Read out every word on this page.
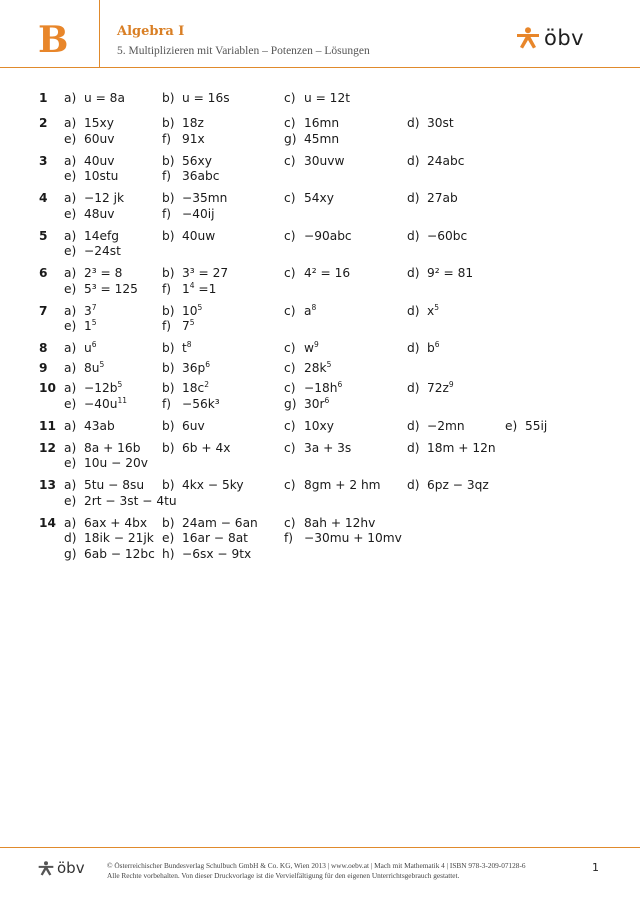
B	Algebra I
5. Multiplizieren mit Variablen – Potenzen – Lösungen
öbv
1 a) u = 8a	b) u = 16s	c) u = 12t
2 a) 15xy	b) 18z	c) 16mn	d) 30st
e) 60uv	f) 91x	g) 45mn
3 a) 40uv	b) 56xy	c) 30uvw	d) 24abc
e) 10stu	f) 36abc
4 a) −12 jk	b) −35mn	c) 54xy	d) 27ab
e) 48uv	f) −40ij
5 a) 14efg	b) 40uw	c) −90abc	d) −60bc
e) −24st
6 a) 2³ = 8	b) 3³ = 27	c) 4² = 16	d) 9² = 81
e) 5³ = 125 f) $1^4 =1$
7 a) $3^7$	b) $10^5$	c) $a^8$	d) $x^5$
e) $1^5$	f) $7^5$
8 a) $u^6$	b) $t^8$	c) $w^9$	d) $b^6$
9 a) $8u^5$	b) $36p^6$	c) $28k^5$
10 $a) -12b^5$	b) $18c^2$	$c) -18h^6$	d) $72z^9$
$e) -40u^{11}$	f) −56k³	g) $30r^6$
11 a) 43ab	b) 6uv	c) 10xy	d) −2mn	e) 55ij
12 a) 8a + 16b b) 6b + 4x	c) 3a + 3s	d) 18m + 12n
e) 10u − 20v
13 a) 5tu − 8su b) 4kx − 5ky	c) 8gm + 2 hm d) 6pz − 3qz
e) 2rt − 3st − 4tu
14 a) 6ax + 4bx b) 24am − 6an c) 8ah + 12hv
d) 18ik − 21jk e) 16ar − 8at	f) −30mu + 10mv
g) 6ab − 12bc h) −6sx − 9tx
öbv	© Österreichischer Bundesverlag Schulbuch GmbH & Co. KG, Wien 2013 | www.oebv.at | Mach mit Mathematik 4 | ISBN 978-3-209-07128-6
Alle Rechte vorbehalten. Von dieser Druckvorlage ist die Vervielfältigung für den eigenen Unterrichtsgebrauch gestattet.
1
